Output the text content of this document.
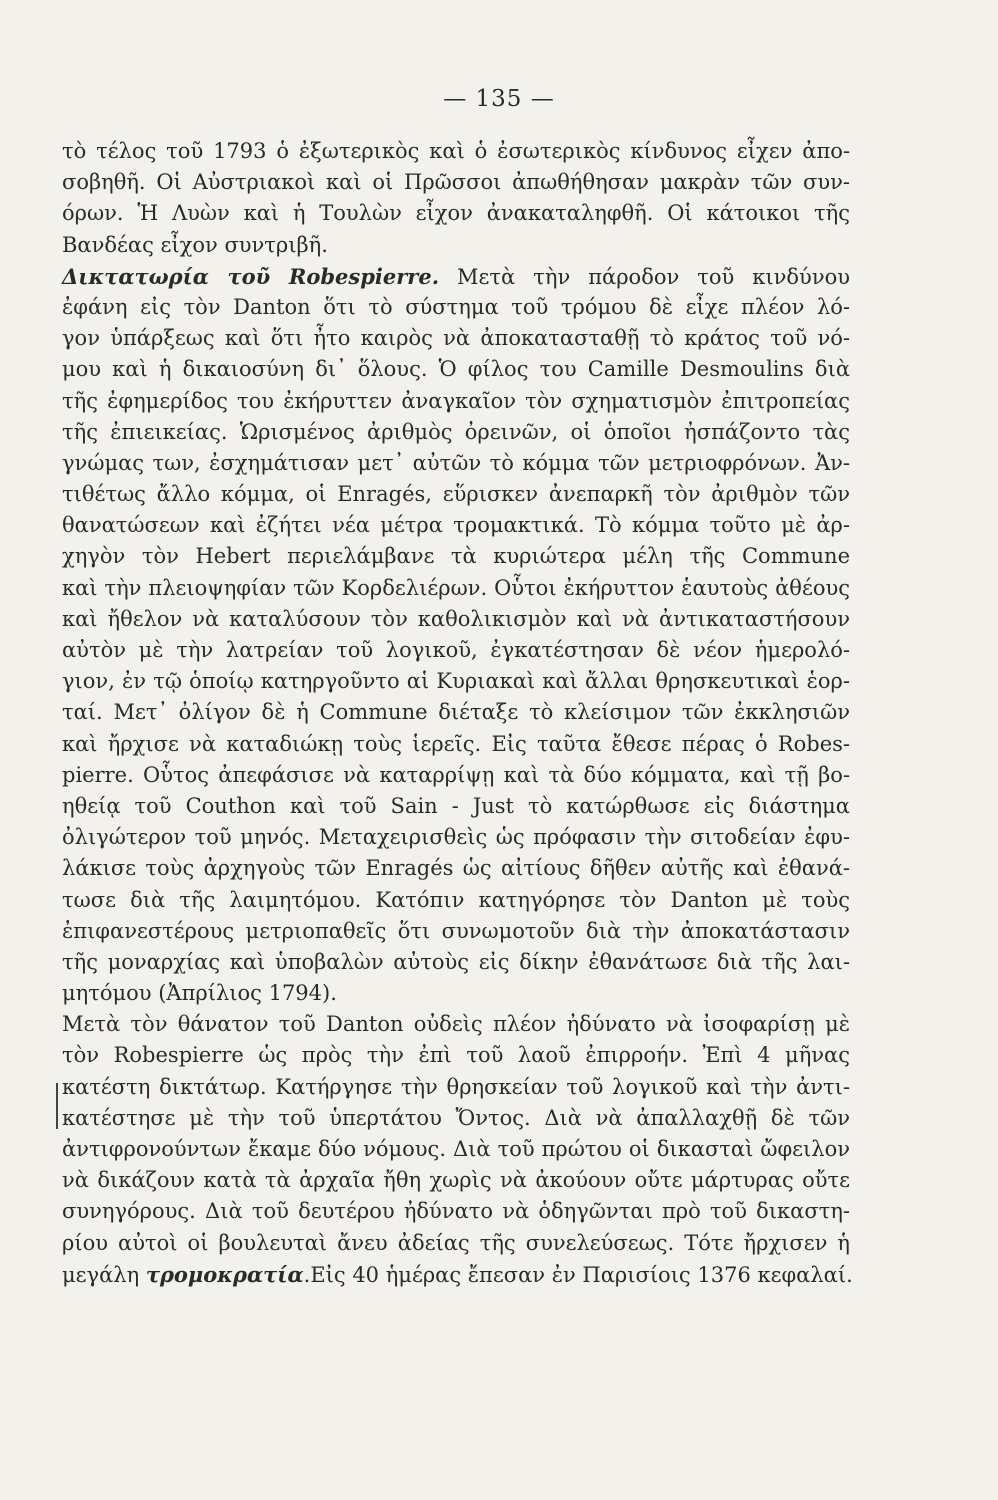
— 135 —
τὸ τέλος τοῦ 1793 ὁ ἐξωτερικὸς καὶ ὁ ἐσωτερικὸς κίνδυνος εἶχεν ἀπο-
σοβηθῆ. Οἱ Αὐστριακοὶ καὶ οἱ Πρῶσσοι ἀπωθήθησαν μακρὰν τῶν συν-
όρων. Ἡ Λυὼν καὶ ἡ Τουλὼν εἶχον ἀνακαταληφθῆ. Οἱ κάτοικοι τῆς
Βανδέας εἶχον συντριβῆ.
Δικτατωρία τοῦ Robespierre. Μετὰ τὴν πάροδον τοῦ κινδύνου
ἐφάνη εἰς τὸν Danton ὅτι τὸ σύστημα τοῦ τρόμου δὲ εἶχε πλέον λό-
γον ὑπάρξεως καὶ ὅτι ἦτο καιρὸς νὰ ἀποκατασταθῇ τὸ κράτος τοῦ νό-
μου καὶ ἡ δικαιοσύνη δι᾽ ὅλους. Ὁ φίλος του Camille Desmoulins διὰ
τῆς ἐφημερίδος του ἐκήρυττεν ἀναγκαῖον τὸν σχηματισμὸν ἐπιτροπείας
τῆς ἐπιεικείας. Ὡρισμένος ἀριθμὸς ὀρεινῶν, οἱ ὁποῖοι ἠσπάζοντο τὰς
γνώμας των, ἐσχημάτισαν μετ᾽ αὐτῶν τὸ κόμμα τῶν μετριοφρόνων. Ἀν-
τιθέτως ἄλλο κόμμα, οἱ Enragés, εὕρισκεν ἀνεπαρκῆ τὸν ἀριθμὸν τῶν
θανατώσεων καὶ ἐζήτει νέα μέτρα τρομακτικά. Τὸ κόμμα τοῦτο μὲ ἀρ-
χηγὸν τὸν Hebert περιελάμβανε τὰ κυριώτερα μέλη τῆς Commune
καὶ τὴν πλειοψηφίαν τῶν Κορδελιέρων. Οὗτοι ἐκήρυττον ἑαυτοὺς ἀθέους
καὶ ἤθελον νὰ καταλύσουν τὸν καθολικισμὸν καὶ νὰ ἀντικαταστήσουν
αὐτὸν μὲ τὴν λατρείαν τοῦ λογικοῦ, ἐγκατέστησαν δὲ νέον ἡμερολό-
γιον, ἐν τῷ ὁποίῳ κατηργοῦντο αἱ Κυριακαὶ καὶ ἄλλαι θρησκευτικαὶ ἑορ-
ταί. Μετ᾽ ὀλίγον δὲ ἡ Commune διέταξε τὸ κλείσιμον τῶν ἐκκλησιῶν
καὶ ἤρχισε νὰ καταδιώκῃ τοὺς ἱερεῖς. Εἰς ταῦτα ἔθεσε πέρας ὁ Robes-
pierre. Οὗτος ἀπεφάσισε νὰ καταρρίψῃ καὶ τὰ δύο κόμματα, καὶ τῇ βο-
ηθείᾳ τοῦ Couthon καὶ τοῦ Sain - Just τὸ κατώρθωσε εἰς διάστημα
ὀλιγώτερον τοῦ μηνός. Μεταχειρισθεὶς ὡς πρόφασιν τὴν σιτοδείαν ἐφυ-
λάκισε τοὺς ἀρχηγοὺς τῶν Enragés ὡς αἰτίους δῆθεν αὐτῆς καὶ ἐθανά-
τωσε διὰ τῆς λαιμητόμου. Κατόπιν κατηγόρησε τὸν Danton μὲ τοὺς
ἐπιφανεστέρους μετριοπαθεῖς ὅτι συνωμοτοῦν διὰ τὴν ἀποκατάστασιν
τῆς μοναρχίας καὶ ὑποβαλὼν αὐτοὺς εἰς δίκην ἐθανάτωσε διὰ τῆς λαι-
μητόμου (Ἀπρίλιος 1794).
Μετὰ τὸν θάνατον τοῦ Danton οὐδεὶς πλέον ἠδύνατο νὰ ἰσοφαρίσῃ μὲ
τὸν Robespierre ὡς πρὸς τὴν ἐπὶ τοῦ λαοῦ ἐπιρροήν. Ἐπὶ 4 μῆνας
κατέστη δικτάτωρ. Κατήργησε τὴν θρησκείαν τοῦ λογικοῦ καὶ τὴν ἀντι-
κατέστησε μὲ τὴν τοῦ ὑπερτάτου Ὄντος. Διὰ νὰ ἀπαλλαχθῇ δὲ τῶν
ἀντιφρονούντων ἔκαμε δύο νόμους. Διὰ τοῦ πρώτου οἱ δικασταὶ ὤφειλον
νὰ δικάζουν κατὰ τὰ ἀρχαῖα ἤθη χωρὶς νὰ ἀκούουν οὔτε μάρτυρας οὔτε
συνηγόρους. Διὰ τοῦ δευτέρου ἠδύνατο νὰ ὁδηγῶνται πρὸ τοῦ δικαστη-
ρίου αὐτοὶ οἱ βουλευταὶ ἄνευ ἀδείας τῆς συνελεύσεως. Τότε ἤρχισεν ἡ
μεγάλη τρομοκρατία.Εἰς 40 ἡμέρας ἔπεσαν ἐν Παρισίοις 1376 κεφαλαί.
